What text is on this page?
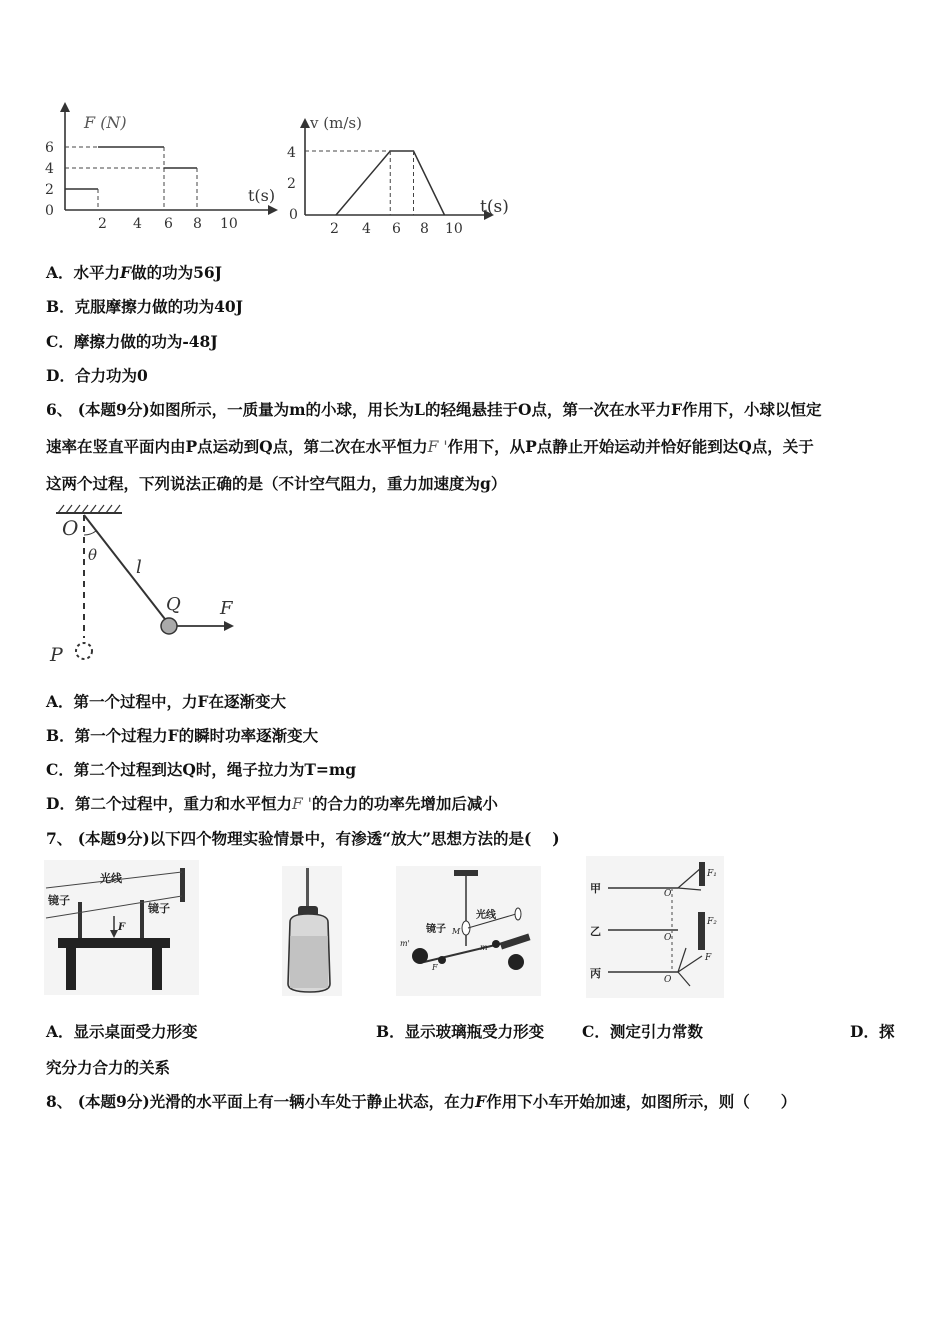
F (N)
t(s)
6
4
2
0
2 4 6 8 10
v (m/s)
t(s)
4
2
0
2 4 6 8 10
A．水平力F做的功为56J
B．克服摩擦力做的功为40J
C．摩擦力做的功为-48J
D．合力功为0
6、 (本题9分)如图所示，一质量为m的小球，用长为L的轻绳悬挂于O点，第一次在水平力F作用下，小球以恒定
速率在竖直平面内由P点运动到Q点，第二次在水平恒力F '作用下，从P点静止开始运动并恰好能到达Q点，关于
这两个过程，下列说法正确的是（不计空气阻力，重力加速度为g）
O
θ
l
Q F
P
A．第一个过程中，力F在逐渐变大
B．第一个过程力F的瞬时功率逐渐变大
C．第二个过程到达Q时，绳子拉力为T=mg
D．第二个过程中，重力和水平恒力F '的合力的功率先增加后减小
7、 (本题9分)以下四个物理实验情景中，有渗透“放大”思想方法的是(　 )
镜子
光线
镜子
F
光线
镜子 M
m
m'
F
甲
乙
丙
O
O
O
F₁
F₂
F
A．显示桌面受力形变	B．显示玻璃瓶受力形变 C．测定引力常数	D．探
究分力合力的关系
8、 (本题9分)光滑的水平面上有一辆小车处于静止状态，在力F作用下小车开始加速，如图所示，则（　　）
